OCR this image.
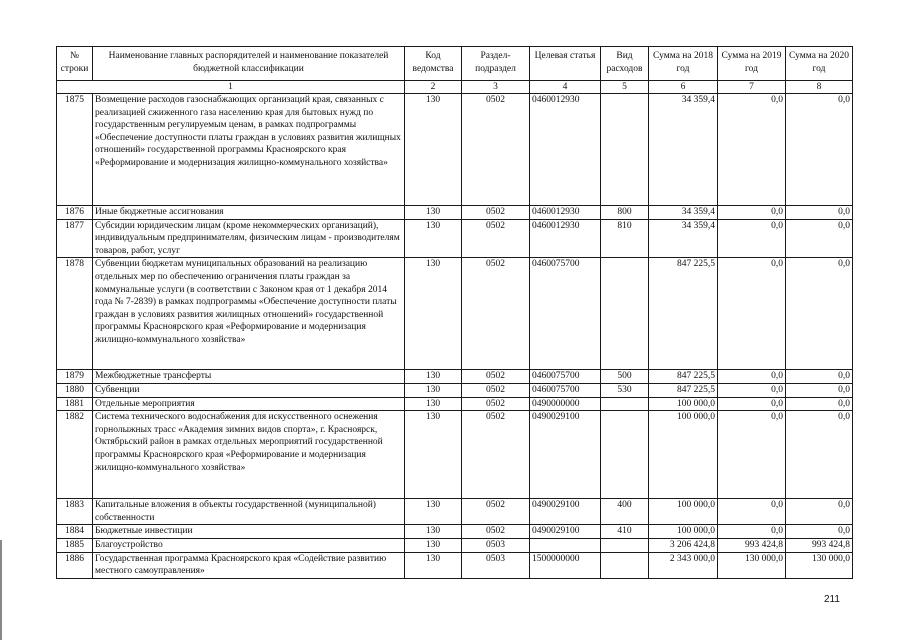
№ строки	Наименование главных распорядителей и наименование показателей бюджетной классификации	Код ведомства	Раздел-подраздел	Целевая статья	Вид расходов	Сумма на 2018 год	Сумма на 2019 год	Сумма на 2020 год
1		2	3	4	5	6	7	8
1875	Возмещение расходов газоснабжающих организаций края, связанных с реализацией сжиженного газа населению края для бытовых нужд по государственным регулируемым ценам, в рамках подпрограммы «Обеспечение доступности платы граждан в условиях развития жилищных отношений» государственной программы Красноярского края «Реформирование и модернизация жилищно-коммунального хозяйства»	130	0502	0460012930		34 359,4	0,0	0,0
1876	Иные бюджетные ассигнования	130	0502	0460012930	800	34 359,4	0,0	0,0
1877	Субсидии юридическим лицам (кроме некоммерческих организаций), индивидуальным предпринимателям, физическим лицам - производителям товаров, работ, услуг	130	0502	0460012930	810	34 359,4	0,0	0,0
1878	Субвенции бюджетам муниципальных образований на реализацию отдельных мер по обеспечению ограничения платы граждан за коммунальные услуги (в соответствии с Законом края от 1 декабря 2014 года № 7-2839) в рамках подпрограммы «Обеспечение доступности платы граждан в условиях развития жилищных отношений» государственной программы Красноярского края «Реформирование и модернизация жилищно-коммунального хозяйства»	130	0502	0460075700		847 225,5	0,0	0,0
1879	Межбюджетные трансферты	130	0502	0460075700	500	847 225,5	0,0	0,0
1880	Субвенции	130	0502	0460075700	530	847 225,5	0,0	0,0
1881	Отдельные мероприятия	130	0502	0490000000		100 000,0	0,0	0,0
1882	Система технического водоснабжения для искусственного оснежения горнолыжных трасс «Академия зимних видов спорта», г. Красноярск, Октябрьский район в рамках отдельных мероприятий государственной программы Красноярского края «Реформирование и модернизация жилищно-коммунального хозяйства»	130	0502	0490029100		100 000,0	0,0	0,0
1883	Капитальные вложения в объекты государственной (муниципальной) собственности	130	0502	0490029100	400	100 000,0	0,0	0,0
1884	Бюджетные инвестиции	130	0502	0490029100	410	100 000,0	0,0	0,0
1885	Благоустройство	130	0503			3 206 424,8	993 424,8	993 424,8
1886	Государственная программа Красноярского края «Содействие развитию местного самоуправления»	130	0503	1500000000		2 343 000,0	130 000,0	130 000,0
211
